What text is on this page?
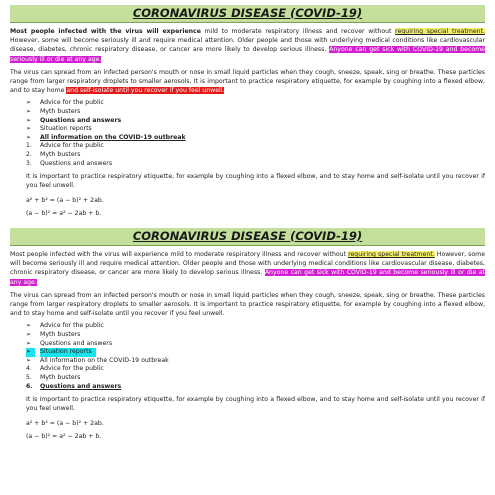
CORONAVIRUS DISEASE (COVID-19)

Most people infected with the virus will experience mild to moderate respiratory illness and recover without requiring special treatment. However, some will become seriously ill and require medical attention. Older people and those with underlying medical conditions like cardiovascular disease, diabetes, chronic respiratory disease, or cancer are more likely to develop serious illness. Anyone can get sick with COVID-19 and become seriously ill or die at any age.

The virus can spread from an infected person's mouth or nose in small liquid particles when they cough, sneeze, speak, sing or breathe. These particles range from larger respiratory droplets to smaller aerosols. It is important to practice respiratory etiquette, for example by coughing into a flexed elbow, and to stay home and self-isolate until you recover if you feel unwell.

➢ Advice for the public
➢ Myth busters
➢ Questions and answers
➢ Situation reports
➢ All information on the COVID-19 outbreak
1. Advice for the public
2. Myth busters
3. Questions and answers

It is important to practice respiratory etiquette, for example by coughing into a flexed elbow, and to stay home and self-isolate until you recover if you feel unwell.

a² + b² = (a − b)² + 2ab.
(a − b)² = a² − 2ab + b.
CORONAVIRUS DISEASE (COVID-19)

Most people infected with the virus will experience mild to moderate respiratory illness and recover without requiring special treatment. However, some will become seriously ill and require medical attention. Older people and those with underlying medical conditions like cardiovascular disease, diabetes, chronic respiratory disease, or cancer are more likely to develop serious illness. Anyone can get sick with COVID-19 and become seriously ill or die at any age.

The virus can spread from an infected person's mouth or nose in small liquid particles when they cough, sneeze, speak, sing or breathe. These particles range from larger respiratory droplets to smaller aerosols. It is important to practice respiratory etiquette, for example by coughing into a flexed elbow, and to stay home and self-isolate until you recover if you feel unwell.

➢ Advice for the public
➢ Myth busters
➢ Questions and answers
➢	Situation reports
➢ All information on the COVID-19 outbreak
4. Advice for the public
5. Myth busters
6. Questions and answers

It is important to practice respiratory etiquette, for example by coughing into a flexed elbow, and to stay home and self-isolate until you recover if you feel unwell.

a² + b² = (a − b)² + 2ab.
(a − b)² = a² − 2ab + b.
